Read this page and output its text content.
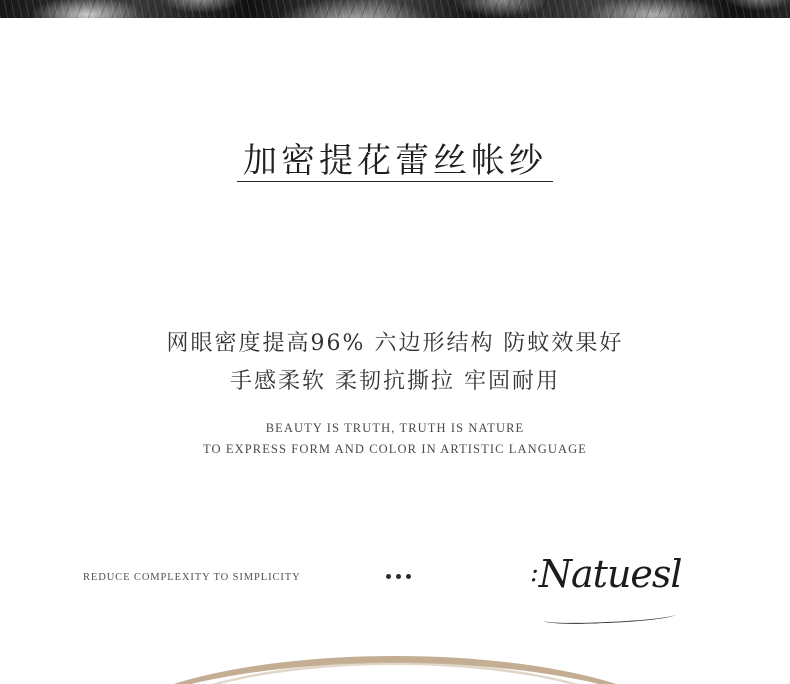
加密提花蕾丝帐纱
网眼密度提高96% 六边形结构 防蚊效果好
手感柔软 柔韧抗撕拉 牢固耐用
BEAUTY IS TRUTH, TRUTH IS NATURE
TO EXPRESS FORM AND COLOR IN ARTISTIC LANGUAGE
REDUCE COMPLEXITY TO SIMPLICITY	:Natuesl
